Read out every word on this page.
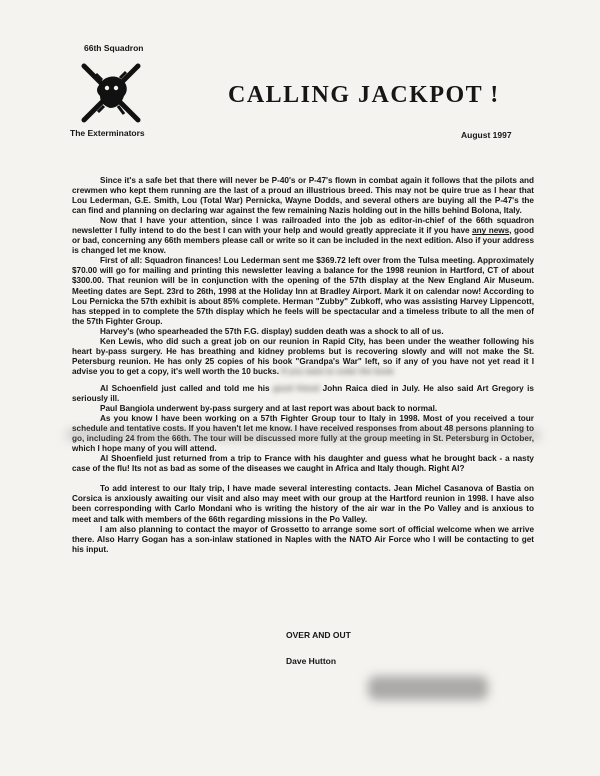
66th Squadron
The Exterminators
CALLING JACKPOT !
August 1997

Since it's a safe bet that there will never be P-40's or P-47's flown in combat again it follows that the pilots and crewmen who kept them running are the last of a proud an illustrious breed. This may not be quire true as I hear that Lou Lederman, G.E. Smith, Lou (Total War) Pernicka, Wayne Dodds, and several others are buying all the P-47's the can find and planning on declaring war against the few remaining Nazis holding out in the hills behind Bolona, Italy.

Now that I have your attention, since I was railroaded into the job as editor-in-chief of the 66th squadron newsletter I fully intend to do the best I can with your help and would greatly appreciate it if you have any news, good or bad, concerning any 66th members please call or write so it can be included in the next edition. Also if your address is changed let me know.

First of all: Squadron finances! Lou Lederman sent me $369.72 left over from the Tulsa meeting. Approximately $70.00 will go for mailing and printing this newsletter leaving a balance for the 1998 reunion in Hartford, CT of about $300.00. That reunion will be in conjunction with the opening of the 57th display at the New England Air Museum. Meeting dates are Sept. 23rd to 26th, 1998 at the Holiday Inn at Bradley Airport. Mark it on calendar now! According to Lou Pernicka the 57th exhibit is about 85% complete. Herman "Zubby" Zubkoff, who was assisting Harvey Lippencott, has stepped in to complete the 57th display which he feels will be spectacular and a timeless tribute to all the men of the 57th Fighter Group.

Harvey's (who spearheaded the 57th F.G. display) sudden death was a shock to all of us.

Ken Lewis, who did such a great job on our reunion in Rapid City, has been under the weather following his heart by-pass surgery. He has breathing and kidney problems but is recovering slowly and will not make the St. Petersburg reunion. He has only 25 copies of his book "Grandpa's War" left, so if any of you have not yet read it I advise you to get a copy, it's well worth the 10 bucks. If you want to order the book

Al Schoenfield just called and told me his good friend John Raica died in July. He also said Art Gregory is seriously ill.

Paul Bangiola underwent by-pass surgery and at last report was about back to normal.

As you know I have been working on a 57th Fighter Group tour to Italy in 1998. Most of you received a tour schedule and tentative costs. If you haven't let me know. I have received responses from about 48 persons planning to go, including 24 from the 66th. The tour will be discussed more fully at the group meeting in St. Petersburg in October, which I hope many of you will attend.

Al Shoenfield just returned from a trip to France with his daughter and guess what he brought back - a nasty case of the flu! Its not as bad as some of the diseases we caught in Africa and Italy though. Right Al?

To add interest to our Italy trip, I have made several interesting contacts. Jean Michel Casanova of Bastia on Corsica is anxiously awaiting our visit and also may meet with our group at the Hartford reunion in 1998. I have also been corresponding with Carlo Mondani who is writing the history of the air war in the Po Valley and is anxious to meet and talk with members of the 66th regarding missions in the Po Valley.

I am also planning to contact the mayor of Grossetto to arrange some sort of official welcome when we arrive there. Also Harry Gogan has a son-inlaw stationed in Naples with the NATO Air Force who I will be contacting to get his input.

OVER AND OUT
Dave Hutton
